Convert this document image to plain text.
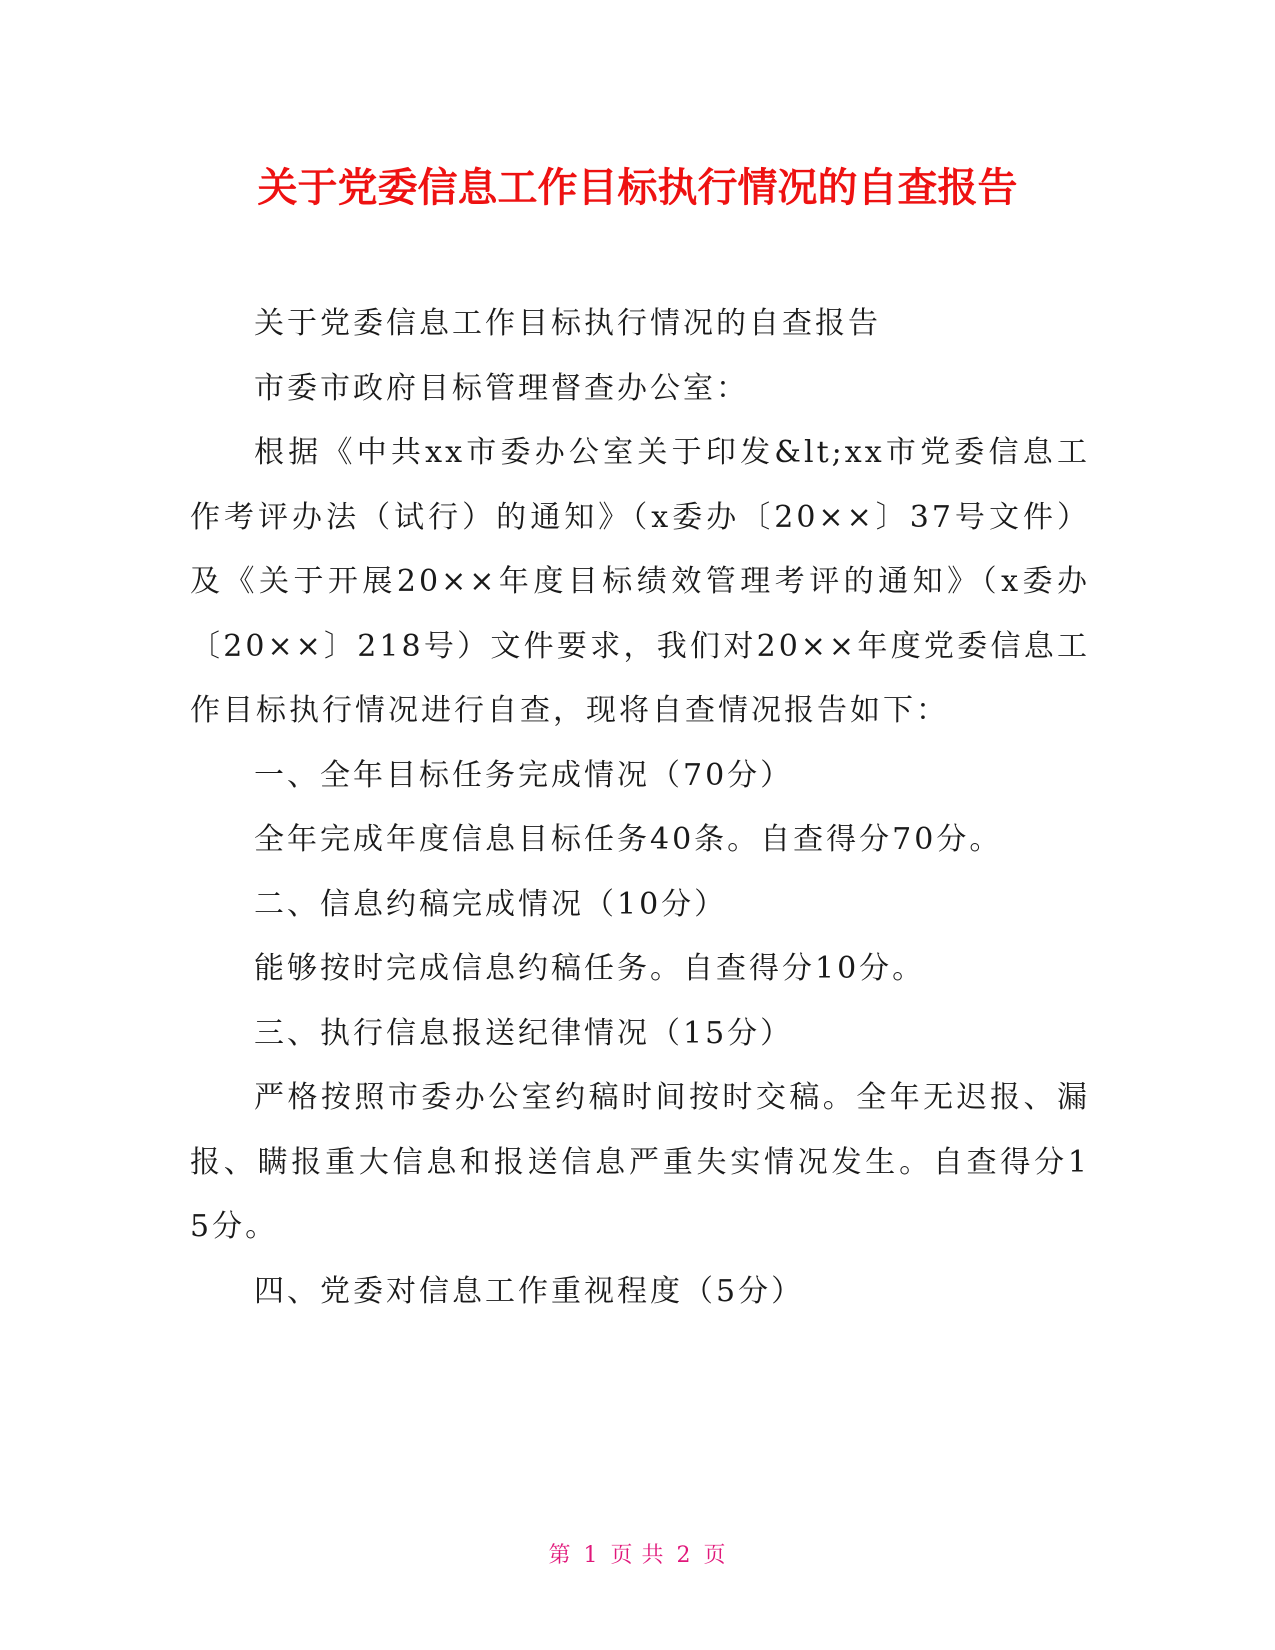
关于党委信息工作目标执行情况的自查报告

关于党委信息工作目标执行情况的自查报告

市委市政府目标管理督查办公室：

根据《中共xx市委办公室关于印发&lt;xx市党委信息工作考评办法（试行）的通知》（x委办〔20××〕37号文件）及《关于开展20××年度目标绩效管理考评的通知》（x委办〔20××〕218号）文件要求，我们对20××年度党委信息工作目标执行情况进行自查，现将自查情况报告如下：

一、全年目标任务完成情况（70分）

全年完成年度信息目标任务40条。自查得分70分。

二、信息约稿完成情况（10分）

能够按时完成信息约稿任务。自查得分10分。

三、执行信息报送纪律情况（15分）

严格按照市委办公室约稿时间按时交稿。全年无迟报、漏报、瞒报重大信息和报送信息严重失实情况发生。自查得分15分。

四、党委对信息工作重视程度（5分）

第 1 页 共 2 页
